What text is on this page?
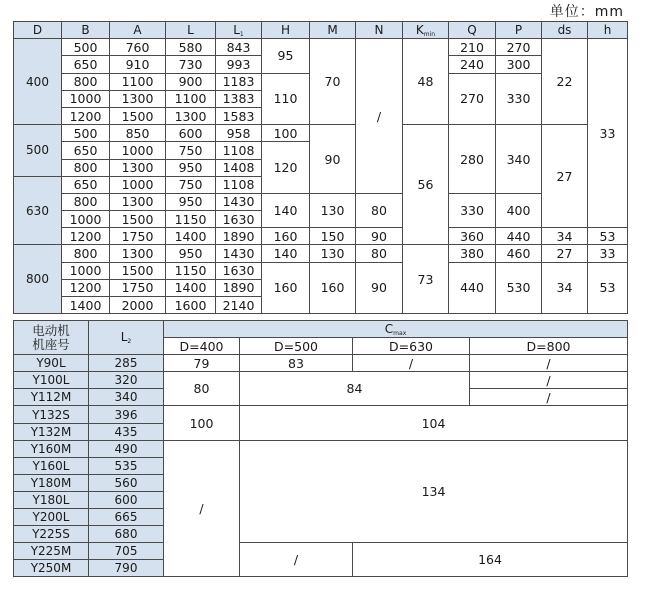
单位：mm
D	B	A	L	$L_1$	H	M	N	$K_{min}$	Q	P	ds	h
400	500	760	580	843	95	70	/	48	210	270	22	33
	650	910	730	993					240	300		
	800	1100	900	1183	110				270	330		
	1000	1300	1100	1383								
	1200	1500	1300	1583								
500	500	850	600	958	100	90		56	280	340	27	
	650	1000	750	1108	120							
	800	1300	950	1408								
630	650	1000	750	1108								
	800	1300	950	1430	140	130	80		330	400		
	1000	1500	1150	1630								
	1200	1750	1400	1890	160	150	90		360	440	34	53
800	800	1300	950	1430	140	130	80	73	380	460	27	33
	1000	1500	1150	1630	160	160	90		440	530	34	53
	1200	1750	1400	1890								
	1400	2000	1600	2140								
电动机
机座号	$L_2$	$C_{max}$
		D=400	D=500	D=630	D=800
Y90L	285	79	83	/	/
Y100L	320	80	84		/
Y112M	340				/
Y132S	396	100	104		
Y132M	435				
Y160M	490	/	134		
Y160L	535				
Y180M	560				
Y180L	600				
Y200L	665				
Y225S	680				
Y225M	705		/	164	
Y250M	790				
